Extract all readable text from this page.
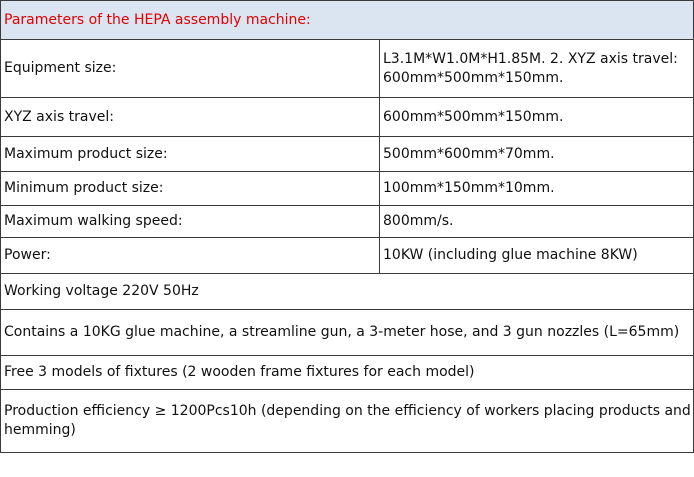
Parameters of the HEPA assembly machine:	
Equipment size:	L3.1M*W1.0M*H1.85M. 2. XYZ axis travel: 600mm*500mm*150mm.
XYZ axis travel:	600mm*500mm*150mm.
Maximum product size:	500mm*600mm*70mm.
Minimum product size:	100mm*150mm*10mm.
Maximum walking speed:	800mm/s.
Power:	10KW (including glue machine 8KW)
Working voltage 220V 50Hz	
Contains a 10KG glue machine, a streamline gun, a 3-meter hose, and 3 gun nozzles (L=65mm)	
Free 3 models of fixtures (2 wooden frame fixtures for each model)	
Production efficiency ≥ 1200Pcs10h (depending on the efficiency of workers placing products and hemming)	
